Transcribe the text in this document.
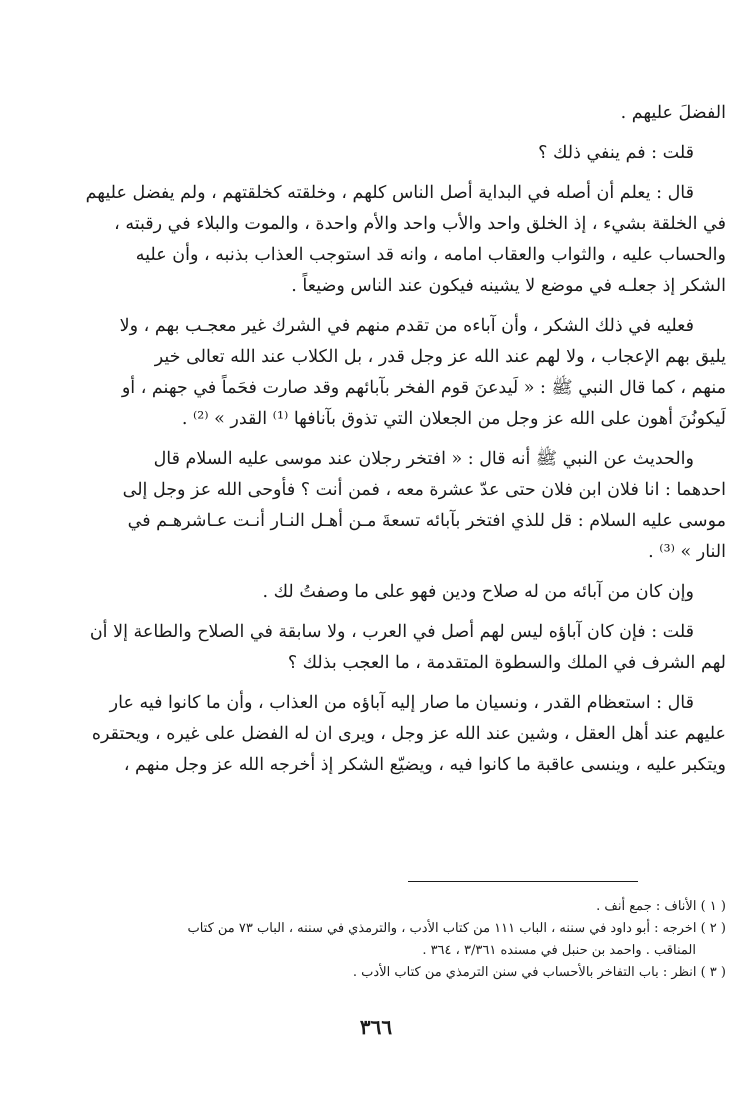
الفضلَ عليهم .

قلت : فم ينفي ذلك ؟

قال : يعلم أن أصله في البداية أصل الناس كلهم ، وخلقته كخلقتهم ، ولم يفضل عليهم

في الخلقة بشيء ، إذ الخلق واحد والأب واحد والأم واحدة ، والموت والبلاء في رقبته ،

والحساب عليه ، والثواب والعقاب امامه ، وانه قد استوجب العذاب بذنبه ، وأن عليه

الشكر إذ جعلـه في موضع لا يشينه فيكون عند الناس وضيعاً .

فعليه في ذلك الشكر ، وأن آباءه من تقدم منهم في الشرك غير معجـب بهم ، ولا

يليق بهم الإعجاب ، ولا لهم عند الله عز وجل قدر ، بل الكلاب عند الله تعالى خير

منهم ، كما قال النبي ﷺ : « لَيدعنَ قوم الفخر بآبائهم وقد صارت فحَماً في جهنم ، أو

لَيكونُنَ أهون على الله عز وجل من الجعلان التي تذوق بآنافها ⁽¹⁾ القدر » ⁽²⁾ .

والحديث عن النبي ﷺ أنه قال : « افتخر رجلان عند موسى عليه السلام قال

احدهما : انا فلان ابن فلان حتى عدّ عشرة معه ، فمن أنت ؟ فأوحى الله عز وجل إلى

موسى عليه السلام : قل للذي افتخر بآبائه تسعةَ مـن أهـل النـار أنـت عـاشرهـم في

النار » ⁽³⁾ .

وإن كان من آبائه من له صلاح ودين فهو على ما وصفتُ لك .

قلت : فإن كان آباؤه ليس لهم أصل في العرب ، ولا سابقة في الصلاح والطاعة إلا أن

لهم الشرف في الملك والسطوة المتقدمة ، ما العجب بذلك ؟

قال : استعظام القدر ، ونسيان ما صار إليه آباؤه من العذاب ، وأن ما كانوا فيه عار

عليهم عند أهل العقل ، وشين عند الله عز وجل ، ويرى ان له الفضل على غيره ، ويحتقره

ويتكبر عليه ، وينسى عاقبة ما كانوا فيه ، ويضيّع الشكر إذ أخرجه الله عز وجل منهم ،

( ١ ) الأناف : جمع أنف .

( ٢ ) اخرجه : أبو داود في سننه ، الباب ١١١ من كتاب الأدب ، والترمذي في سننه ، الباب ٧٣ من كتاب

المناقب . واحمد بن حنبل في مسنده ٣/٣٦١ ، ٣٦٤ .

( ٣ ) انظر : باب التفاخر بالأحساب في سنن الترمذي من كتاب الأدب .

٣٦٦
